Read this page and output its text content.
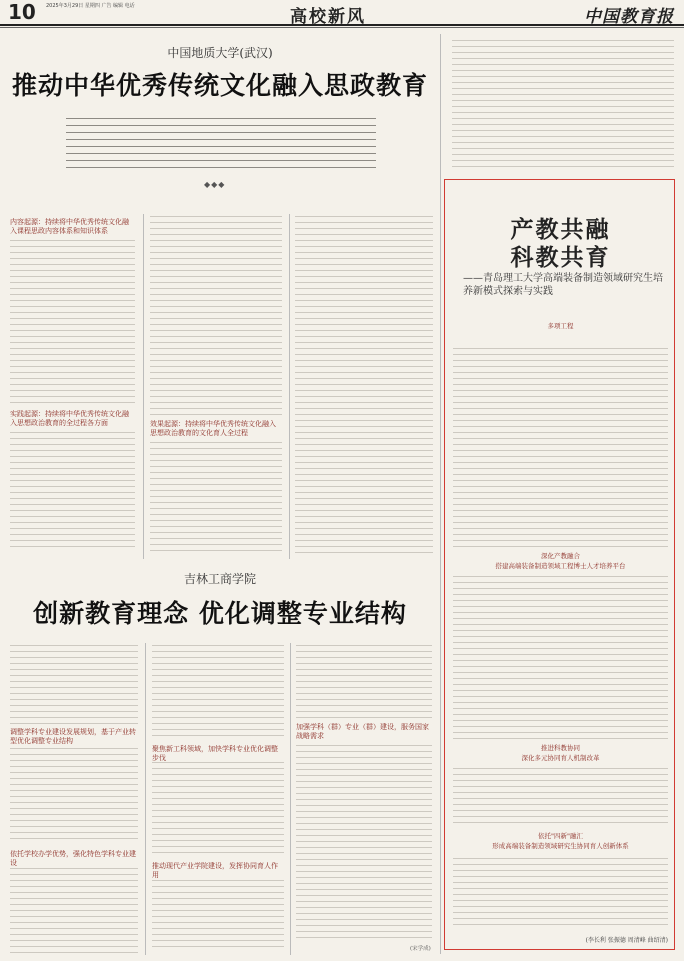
10 2025年3月29日 星期四 广告 编辑 电话
高校新风	中国教育报
中国地质大学(武汉)
推动中华优秀传统文化融入思政教育
◆◆◆
内容起源：持续将中华优秀传统文化融入课程思政内容体系和知识体系
实践起源：持续将中华优秀传统文化融入思想政治教育的全过程各方面	效果起源：持续将中华优秀传统文化融入思想政治教育的文化育人全过程
吉林工商学院
创新教育理念 优化调整专业结构
调整学科专业建设发展规划，基于产业转型优化调整专业结构
依托学校办学优势，强化特色学科专业建设
聚焦新工科领域，加快学科专业优化调整步伐
推动现代产业学院建设，发挥协同育人作用
加强学科（群）专业（群）建设，服务国家战略需求
(宋学成)
产教共融
科教共育
——青岛理工大学高端装备制造领域研究生培养新模式探索与实践
多项工程
深化产教融合
搭建高端装备制造领域工程博士人才培养平台
推进科教协同
深化多元协同育人机制改革
依托"四新"融汇
形成高端装备制造领域研究生协同育人创新体系
(李长利 张振德 周清峰 曲绍清)
